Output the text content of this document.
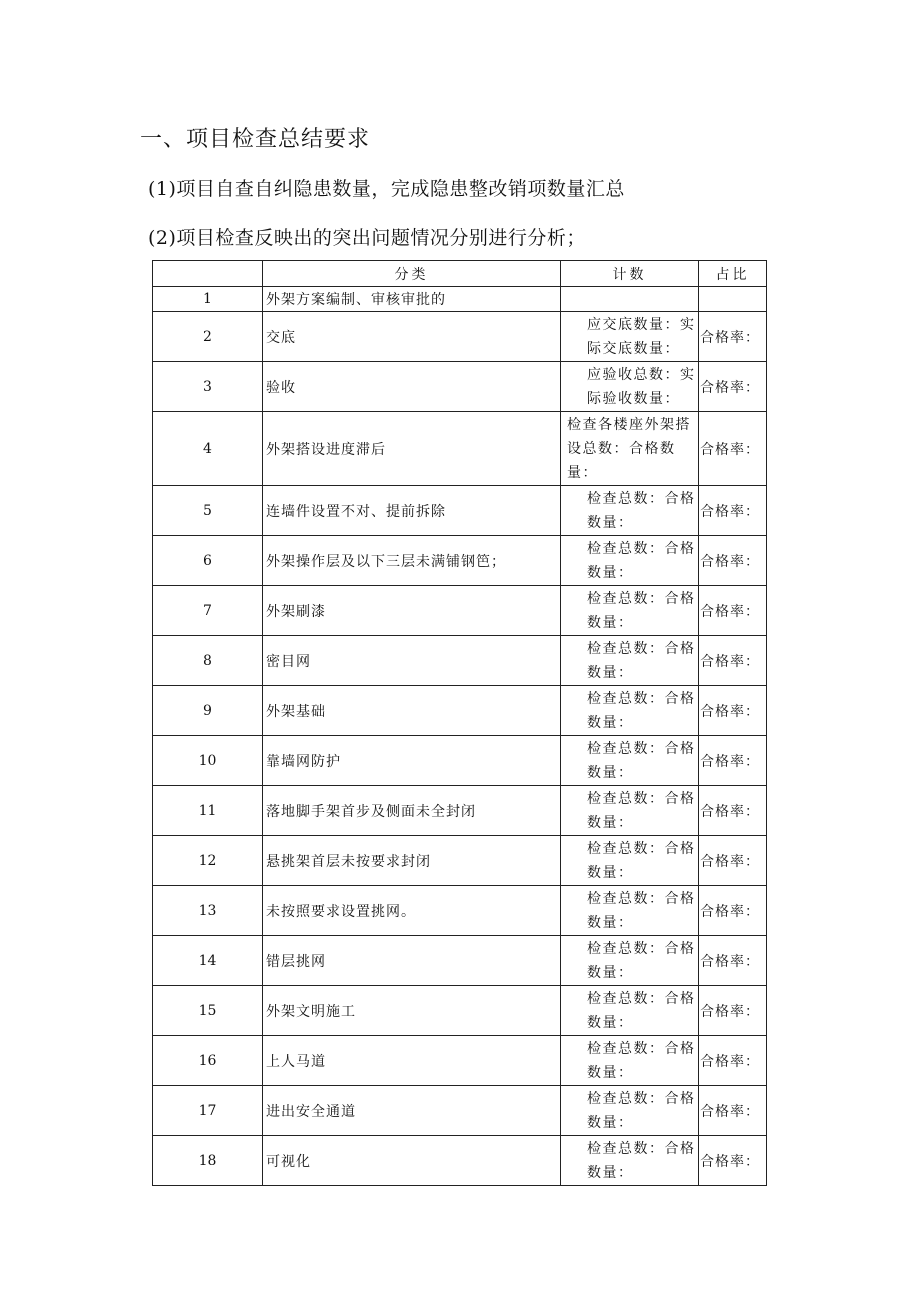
一、项目检查总结要求

(1)项目自查自纠隐患数量，完成隐患整改销项数量汇总

(2)项目检查反映出的突出问题情况分别进行分析；

	分类	计数	占比
1	外架方案编制、审核审批的		
2	交底	应交底数量：实际交底数量：	合格率：
3	验收	应验收总数：实际验收数量：	合格率：
4	外架搭设进度滞后	检查各楼座外架搭设总数：合格数量：	合格率：
5	连墙件设置不对、提前拆除	检查总数：合格数量：	合格率：
6	外架操作层及以下三层未满铺钢笆；	检查总数：合格数量：	合格率：
7	外架刷漆	检查总数：合格数量：	合格率：
8	密目网	检查总数：合格数量：	合格率：
9	外架基础	检查总数：合格数量：	合格率：
10	靠墙网防护	检查总数：合格数量：	合格率：
11	落地脚手架首步及侧面未全封闭	检查总数：合格数量：	合格率：
12	悬挑架首层未按要求封闭	检查总数：合格数量：	合格率：
13	未按照要求设置挑网。	检查总数：合格数量：	合格率：
14	错层挑网	检查总数：合格数量：	合格率：
15	外架文明施工	检查总数：合格数量：	合格率：
16	上人马道	检查总数：合格数量：	合格率：
17	进出安全通道	检查总数：合格数量：	合格率：
18	可视化	检查总数：合格数量：	合格率：
